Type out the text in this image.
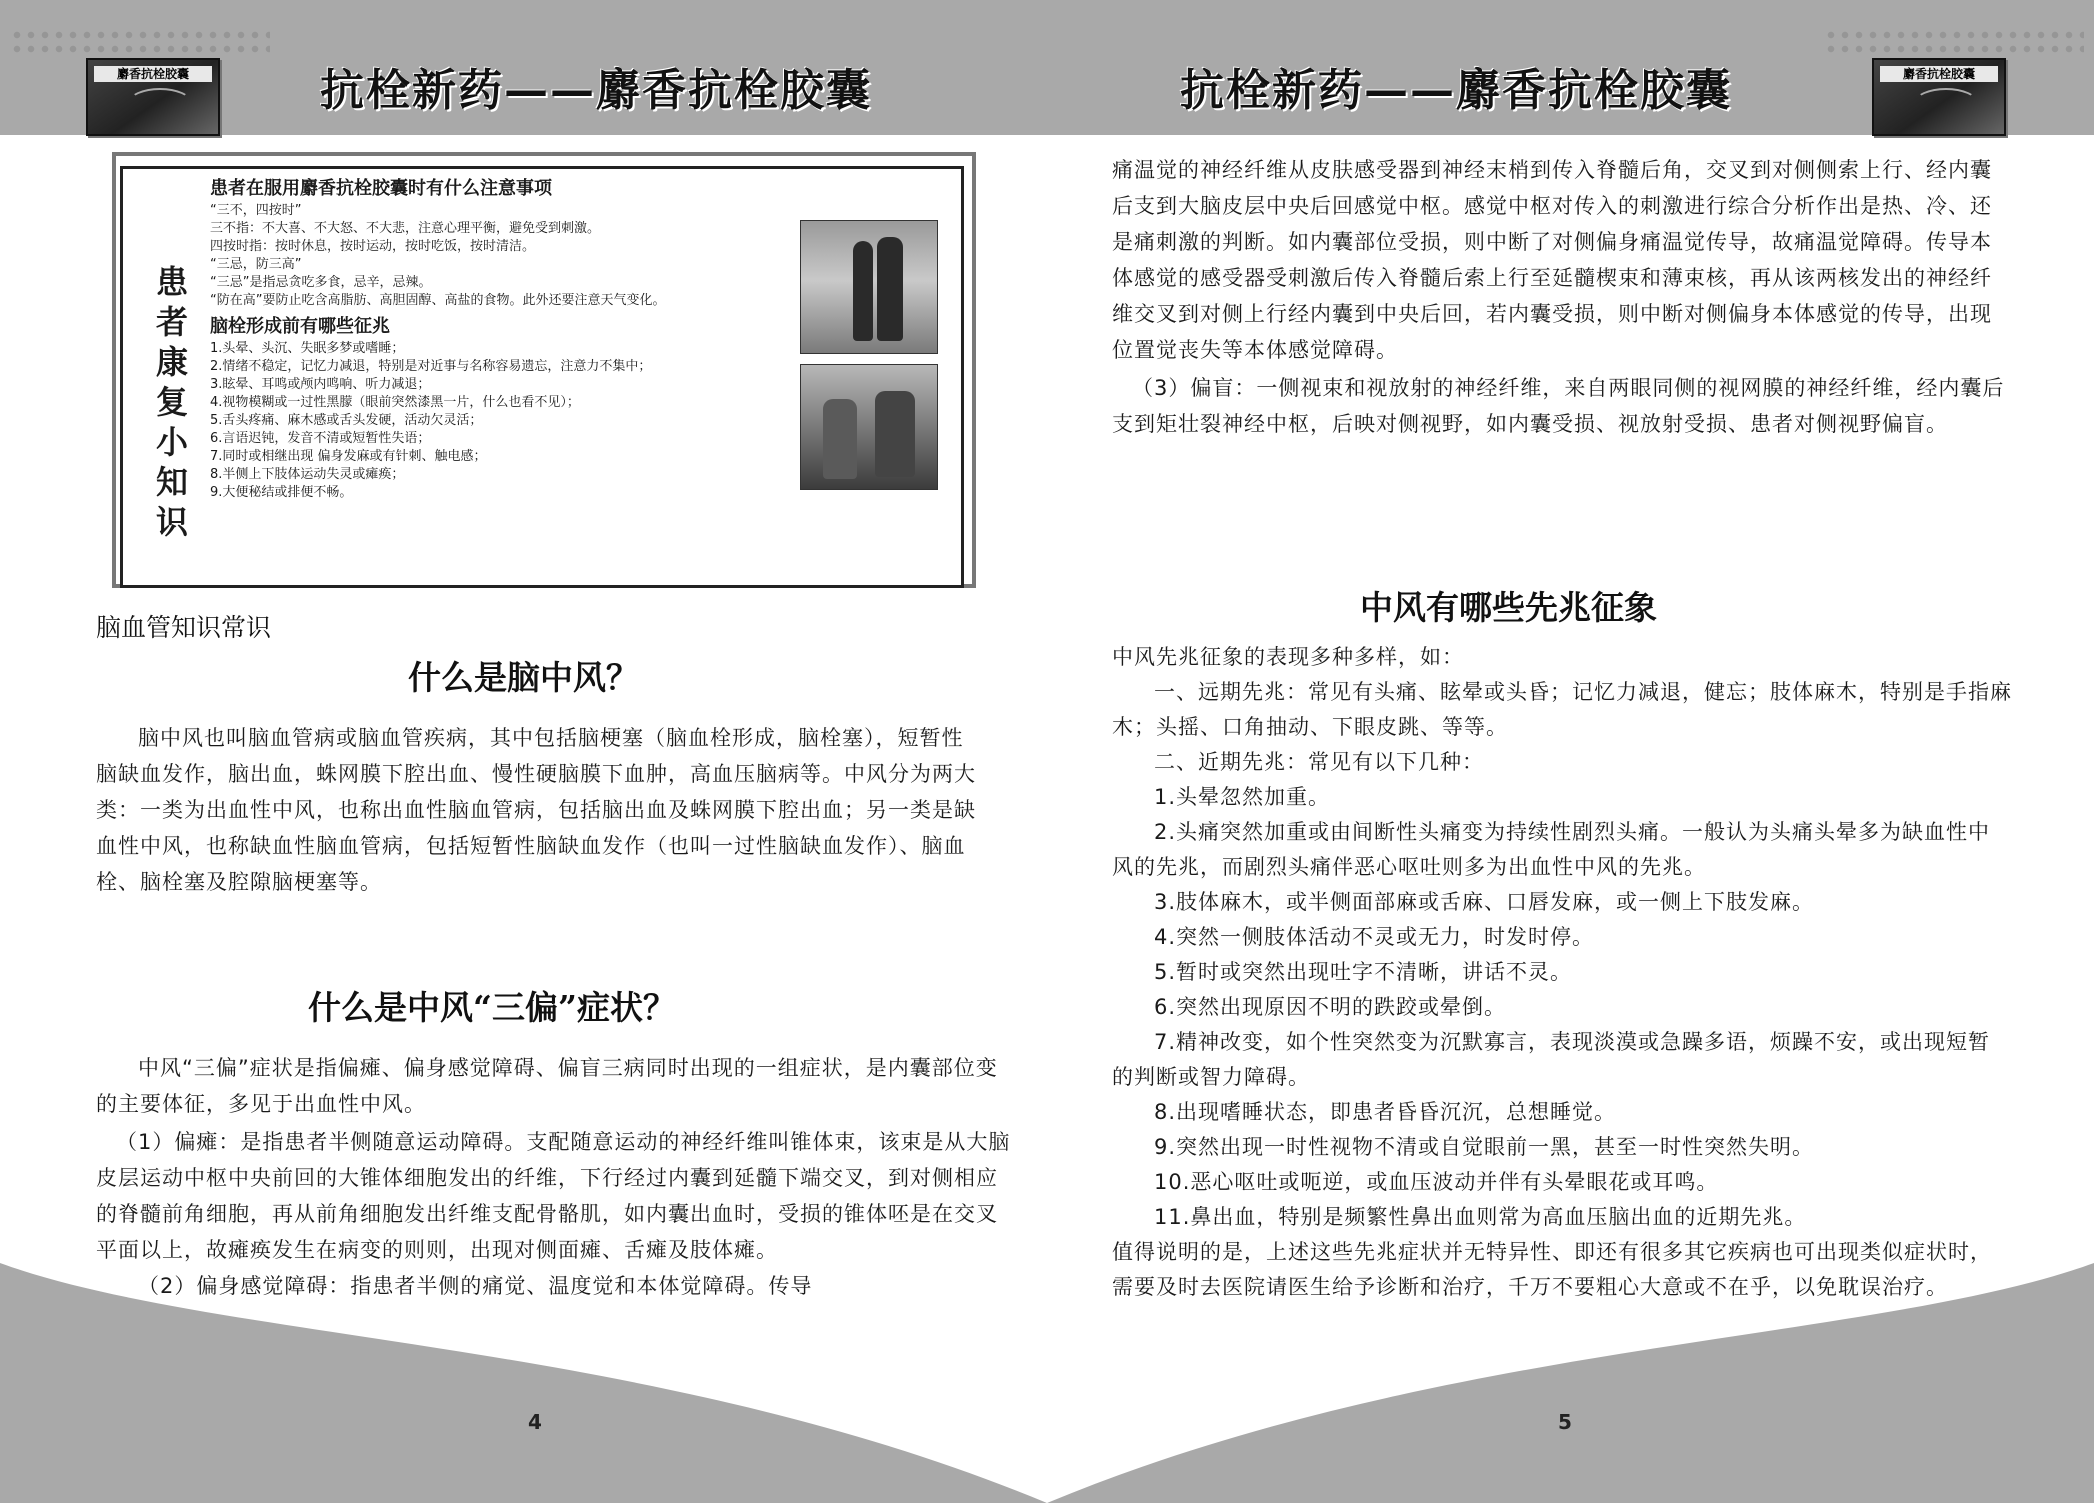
麝香抗栓胶囊	麝香抗栓胶囊
抗栓新药——麝香抗栓胶囊	抗栓新药——麝香抗栓胶囊
4	5
患者康复小知识
患者在服用麝香抗栓胶囊时有什么注意事项
“三不，四按时”
三不指：不大喜、不大怒、不大悲，注意心理平衡，避免受到刺激。
四按时指：按时休息，按时运动，按时吃饭，按时清洁。
“三忌，防三高”
“三忌”是指忌贪吃多食，忌辛，忌辣。
“防在高”要防止吃含高脂肪、高胆固醇、高盐的食物。此外还要注意天气变化。
脑栓形成前有哪些征兆
1.头晕、头沉、失眠多梦或嗜睡；
2.情绪不稳定，记忆力减退，特别是对近事与名称容易遗忘，注意力不集中；
3.眩晕、耳鸣或颅内鸣响、听力减退；
4.视物模糊或一过性黑朦（眼前突然漆黑一片，什么也看不见）；
5.舌头疼痛、麻木感或舌头发硬，活动欠灵活；
6.言语迟钝，发音不清或短暂性失语；
7.同时或相继出现 偏身发麻或有针刺、触电感；
8.半侧上下肢体运动失灵或瘫痪；
9.大便秘结或排便不畅。
脑血管知识常识
什么是脑中风？

脑中风也叫脑血管病或脑血管疾病，其中包括脑梗塞（脑血栓形成，脑栓塞），短暂性脑缺血发作，脑出血，蛛网膜下腔出血、慢性硬脑膜下血肿，高血压脑病等。中风分为两大类：一类为出血性中风，也称出血性脑血管病，包括脑出血及蛛网膜下腔出血；另一类是缺血性中风，也称缺血性脑血管病，包括短暂性脑缺血发作（也叫一过性脑缺血发作）、脑血栓、脑栓塞及腔隙脑梗塞等。

什么是中风“三偏”症状？

中风“三偏”症状是指偏瘫、偏身感觉障碍、偏盲三病同时出现的一组症状，是内囊部位变的主要体征，多见于出血性中风。

（1）偏瘫：是指患者半侧随意运动障碍。支配随意运动的神经纤维叫锥体束，该束是从大脑皮层运动中枢中央前回的大锥体细胞发出的纤维，下行经过内囊到延髓下端交叉，到对侧相应的脊髓前角细胞，再从前角细胞发出纤维支配骨骼肌，如内囊出血时，受损的锥体呸是在交叉平面以上，故瘫痪发生在病变的则则，出现对侧面瘫、舌瘫及肢体瘫。

（2）偏身感觉障碍：指患者半侧的痛觉、温度觉和本体觉障碍。传导

痛温觉的神经纤维从皮肤感受器到神经末梢到传入脊髓后角，交叉到对侧侧索上行、经内囊后支到大脑皮层中央后回感觉中枢。感觉中枢对传入的刺激进行综合分析作出是热、冷、还是痛刺激的判断。如内囊部位受损，则中断了对侧偏身痛温觉传导，故痛温觉障碍。传导本体感觉的感受器受刺激后传入脊髓后索上行至延髓楔束和薄束核，再从该两核发出的神经纤维交叉到对侧上行经内囊到中央后回，若内囊受损，则中断对侧偏身本体感觉的传导，出现位置觉丧失等本体感觉障碍。

（3）偏盲：一侧视束和视放射的神经纤维，来自两眼同侧的视网膜的神经纤维，经内囊后支到矩壮裂神经中枢，后映对侧视野，如内囊受损、视放射受损、患者对侧视野偏盲。

中风有哪些先兆征象

中风先兆征象的表现多种多样，如：

一、远期先兆：常见有头痛、眩晕或头昏；记忆力减退，健忘；肢体麻木，特别是手指麻木；头摇、口角抽动、下眼皮跳、等等。

二、近期先兆：常见有以下几种：

1.头晕忽然加重。

2.头痛突然加重或由间断性头痛变为持续性剧烈头痛。一般认为头痛头晕多为缺血性中风的先兆，而剧烈头痛伴恶心呕吐则多为出血性中风的先兆。

3.肢体麻木，或半侧面部麻或舌麻、口唇发麻，或一侧上下肢发麻。

4.突然一侧肢体活动不灵或无力，时发时停。

5.暂时或突然出现吐字不清晰，讲话不灵。

6.突然出现原因不明的跌跤或晕倒。

7.精神改变，如个性突然变为沉默寡言，表现淡漠或急躁多语，烦躁不安，或出现短暂的判断或智力障碍。

8.出现嗜睡状态，即患者昏昏沉沉，总想睡觉。

9.突然出现一时性视物不清或自觉眼前一黑，甚至一时性突然失明。

10.恶心呕吐或呃逆，或血压波动并伴有头晕眼花或耳鸣。

11.鼻出血，特别是频繁性鼻出血则常为高血压脑出血的近期先兆。

值得说明的是，上述这些先兆症状并无特异性、即还有很多其它疾病也可出现类似症状时，需要及时去医院请医生给予诊断和治疗，千万不要粗心大意或不在乎，以免耽误治疗。
